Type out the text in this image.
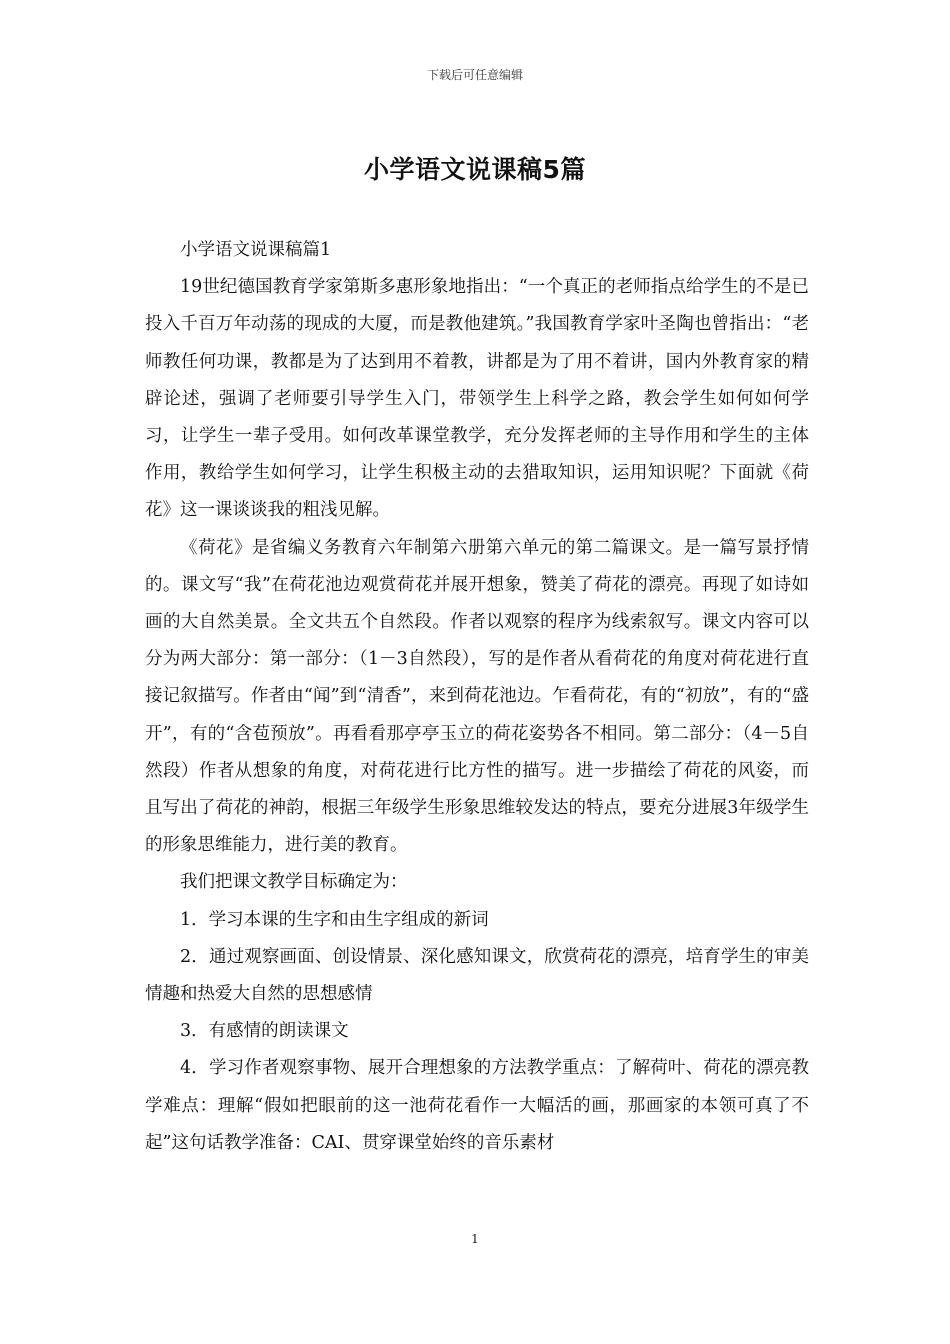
下载后可任意编辑
小学语文说课稿5篇

小学语文说课稿篇1

19世纪德国教育学家第斯多惠形象地指出：“一个真正的老师指点给学生的不是已投入千百万年动荡的现成的大厦，而是教他建筑。”我国教育学家叶圣陶也曾指出：“老师教任何功课，教都是为了达到用不着教，讲都是为了用不着讲，国内外教育家的精辟论述，强调了老师要引导学生入门，带领学生上科学之路，教会学生如何如何学习，让学生一辈子受用。如何改革课堂教学，充分发挥老师的主导作用和学生的主体作用，教给学生如何学习，让学生积极主动的去猎取知识，运用知识呢？下面就《荷花》这一课谈谈我的粗浅见解。

《荷花》是省编义务教育六年制第六册第六单元的第二篇课文。是一篇写景抒情的。课文写“我”在荷花池边观赏荷花并展开想象，赞美了荷花的漂亮。再现了如诗如画的大自然美景。全文共五个自然段。作者以观察的程序为线索叙写。课文内容可以分为两大部分：第一部分：（1－3自然段），写的是作者从看荷花的角度对荷花进行直接记叙描写。作者由“闻”到“清香”，来到荷花池边。乍看荷花，有的“初放”，有的“盛开”，有的“含苞预放”。再看看那亭亭玉立的荷花姿势各不相同。第二部分：（4－5自然段）作者从想象的角度，对荷花进行比方性的描写。进一步描绘了荷花的风姿，而且写出了荷花的神韵，根据三年级学生形象思维较发达的特点，要充分进展3年级学生的形象思维能力，进行美的教育。

我们把课文教学目标确定为：

1．学习本课的生字和由生字组成的新词

2．通过观察画面、创设情景、深化感知课文，欣赏荷花的漂亮，培育学生的审美情趣和热爱大自然的思想感情

3．有感情的朗读课文

4．学习作者观察事物、展开合理想象的方法教学重点：了解荷叶、荷花的漂亮教学难点：理解“假如把眼前的这一池荷花看作一大幅活的画，那画家的本领可真了不起”这句话教学准备：CAI、贯穿课堂始终的音乐素材

1
